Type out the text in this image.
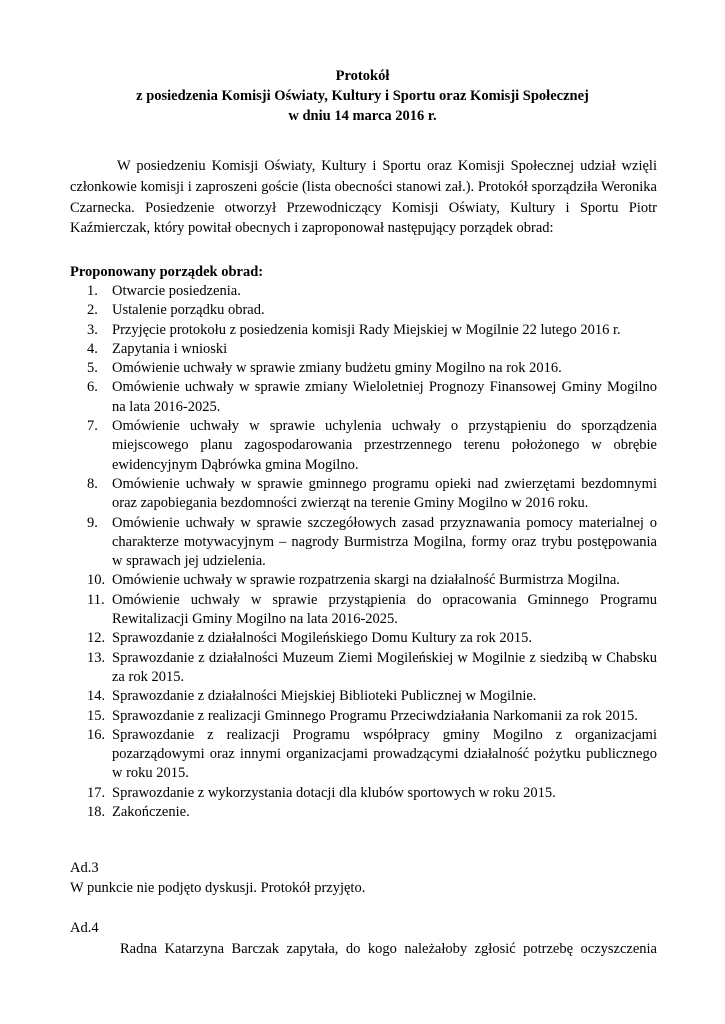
Protokół
z posiedzenia Komisji Oświaty, Kultury i Sportu oraz Komisji Społecznej
w dniu 14 marca 2016 r.

W posiedzeniu Komisji Oświaty, Kultury i Sportu oraz Komisji Społecznej udział wzięli członkowie komisji i zaproszeni goście (lista obecności stanowi zał.). Protokół sporządziła Weronika Czarnecka. Posiedzenie otworzył Przewodniczący Komisji Oświaty, Kultury i Sportu Piotr Kaźmierczak, który powitał obecnych i zaproponował następujący porządek obrad:

Proponowany porządek obrad:
1. Otwarcie posiedzenia.
2. Ustalenie porządku obrad.
3. Przyjęcie protokołu z posiedzenia komisji Rady Miejskiej w Mogilnie 22 lutego 2016 r.
4. Zapytania i wnioski
5. Omówienie uchwały w sprawie zmiany budżetu gminy Mogilno na rok 2016.
6. Omówienie uchwały w sprawie zmiany Wieloletniej Prognozy Finansowej Gminy Mogilno na lata 2016-2025.
7. Omówienie uchwały w sprawie uchylenia uchwały o przystąpieniu do sporządzenia miejscowego planu zagospodarowania przestrzennego terenu położonego w obrębie ewidencyjnym Dąbrówka gmina Mogilno.
8. Omówienie uchwały w sprawie gminnego programu opieki nad zwierzętami bezdomnymi oraz zapobiegania bezdomności zwierząt na terenie Gminy Mogilno w 2016 roku.
9. Omówienie uchwały w sprawie szczegółowych zasad przyznawania pomocy materialnej o charakterze motywacyjnym – nagrody Burmistrza Mogilna, formy oraz trybu postępowania w sprawach jej udzielenia.
10. Omówienie uchwały w sprawie rozpatrzenia skargi na działalność Burmistrza Mogilna.
11. Omówienie uchwały w sprawie przystąpienia do opracowania Gminnego Programu Rewitalizacji Gminy Mogilno na lata 2016-2025.
12. Sprawozdanie z działalności Mogileńskiego Domu Kultury za rok 2015.
13. Sprawozdanie z działalności Muzeum Ziemi Mogileńskiej w Mogilnie z siedzibą w Chabsku za rok 2015.
14. Sprawozdanie z działalności Miejskiej Biblioteki Publicznej w Mogilnie.
15. Sprawozdanie z realizacji Gminnego Programu Przeciwdziałania Narkomanii za rok 2015.
16. Sprawozdanie z realizacji Programu współpracy gminy Mogilno z organizacjami pozarządowymi oraz innymi organizacjami prowadzącymi działalność pożytku publicznego w roku 2015.
17. Sprawozdanie z wykorzystania dotacji dla klubów sportowych w roku 2015.
18. Zakończenie.
Ad.3
W punkcie nie podjęto dyskusji. Protokół przyjęto.
Ad.4

Radna Katarzyna Barczak zapytała, do kogo należałoby zgłosić potrzebę oczyszczenia
